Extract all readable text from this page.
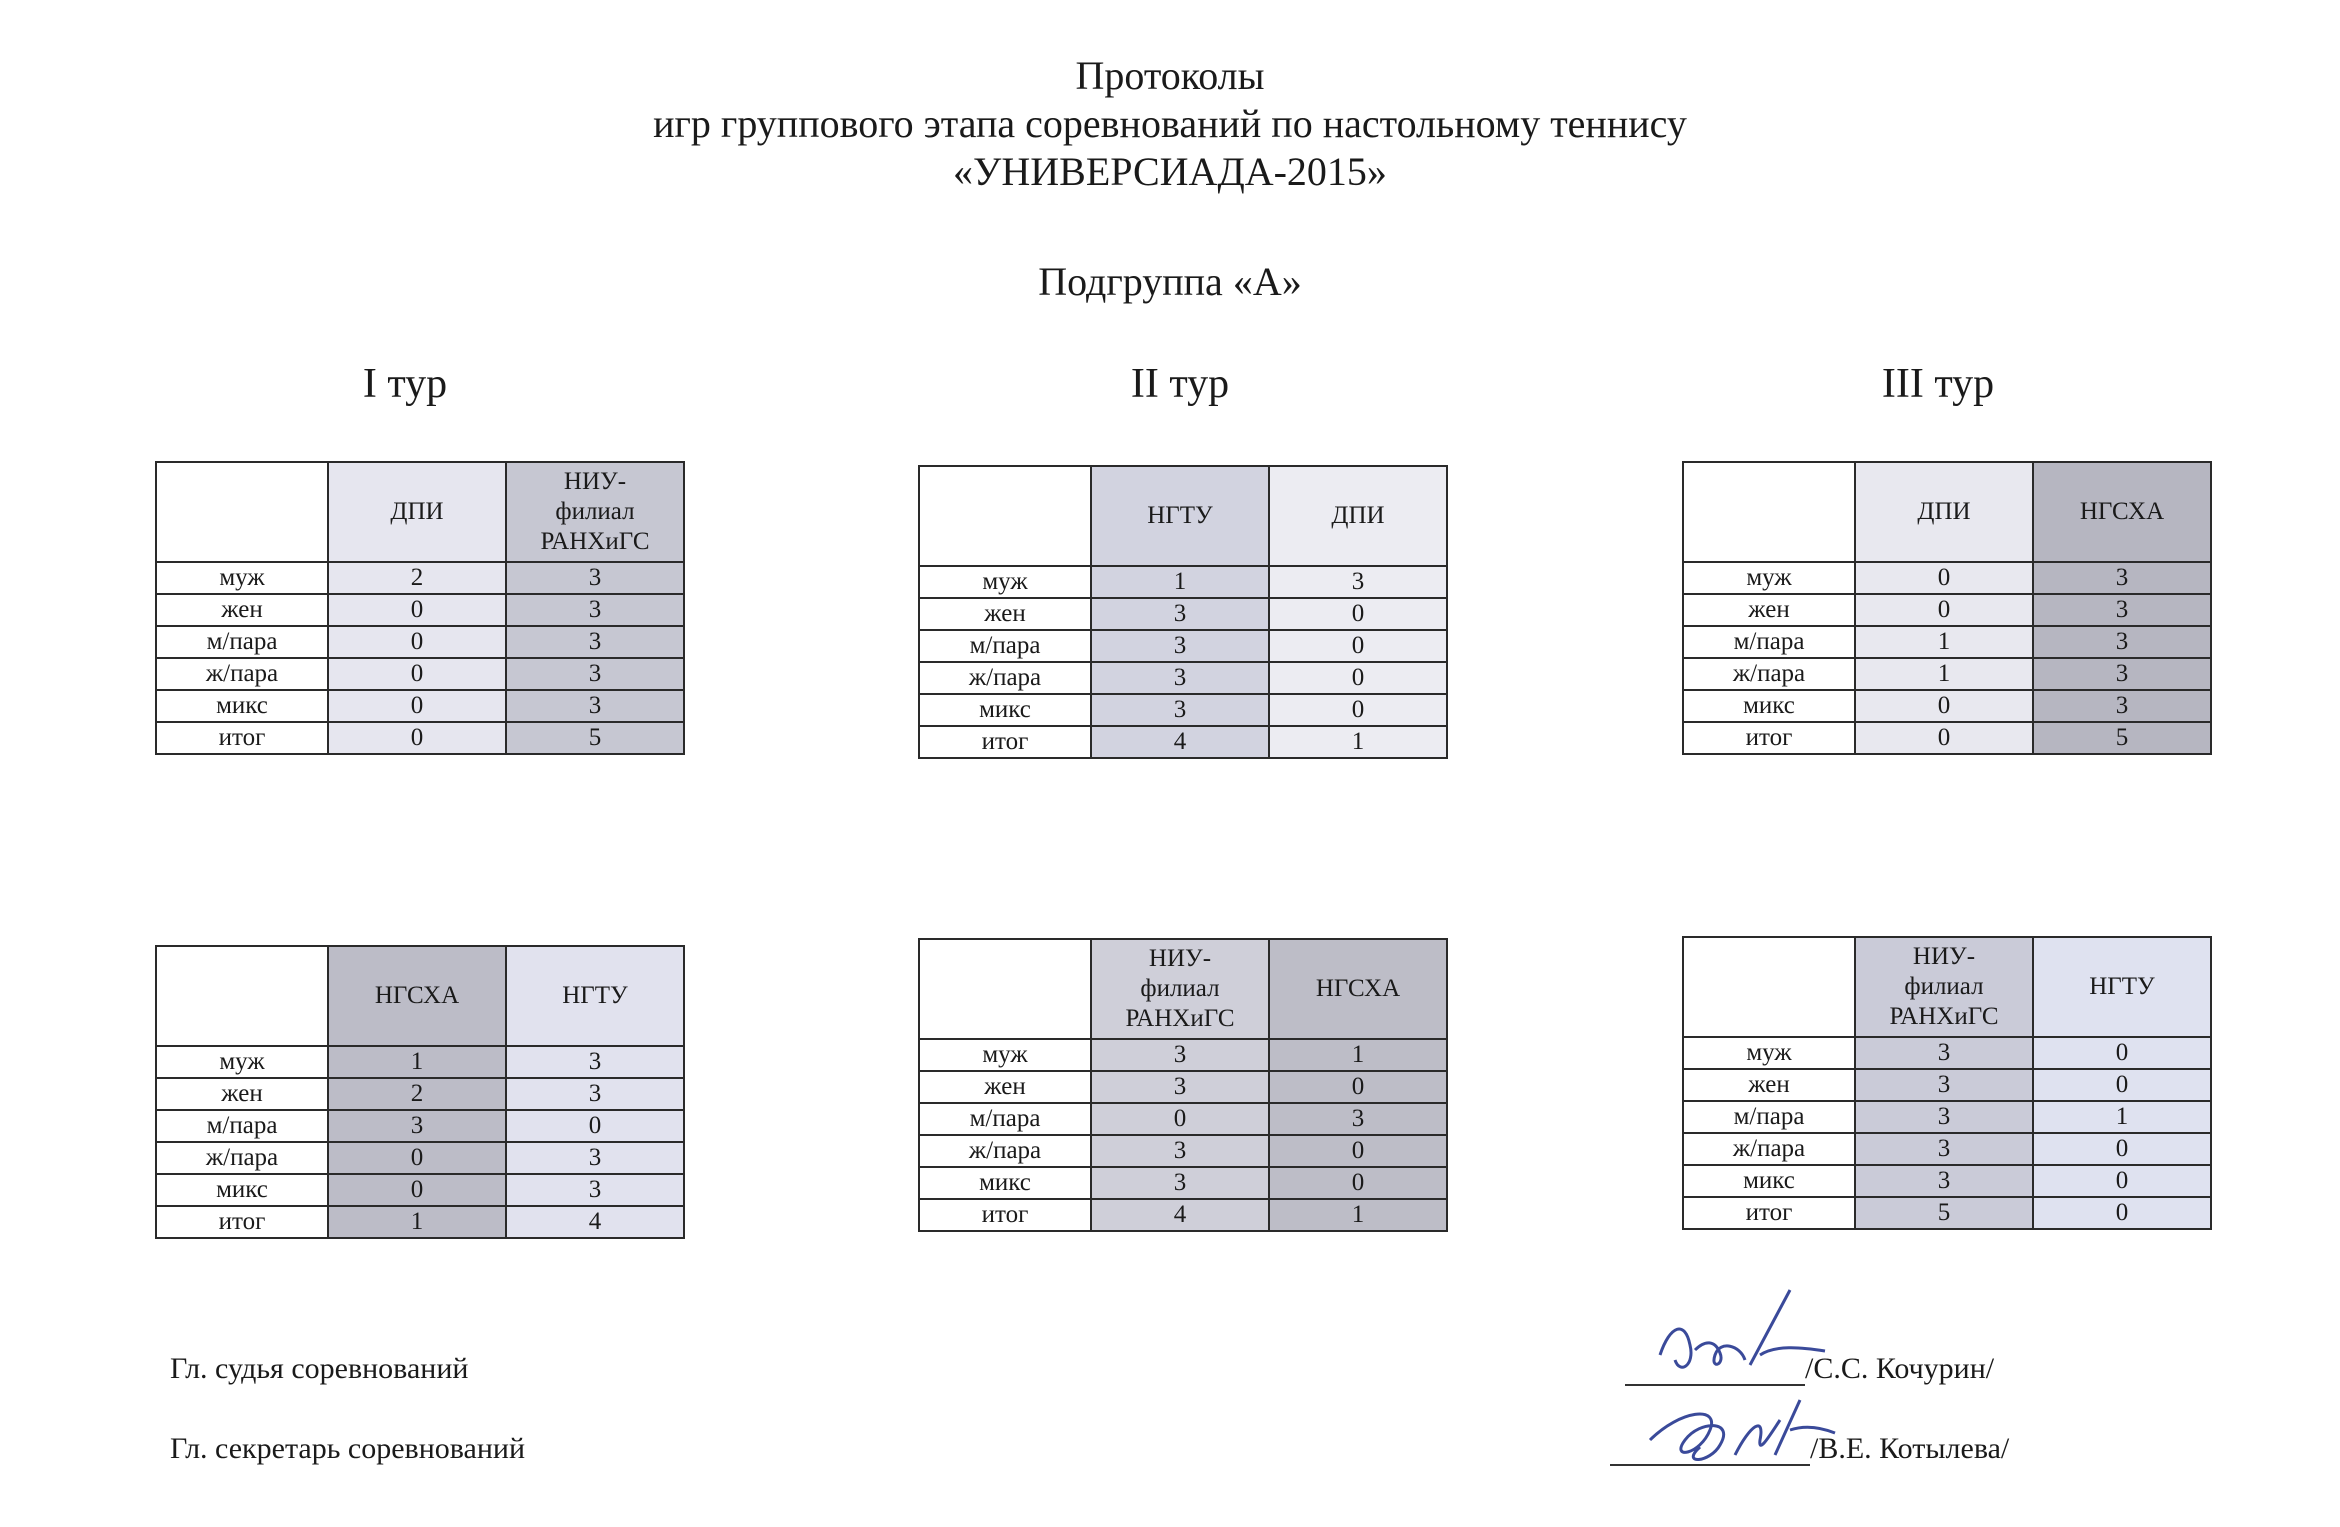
Протоколы
игр группового этапа соревнований по настольному теннису
«УНИВЕРСИАДА-2015»
Подгруппа «А»
I тур	II тур	III тур
	ДПИ	НИУ-
филиал
РАНХиГС
муж	2	3
жен	0	3
м/пара	0	3
ж/пара	0	3
микс	0	3
итог	0	5
	НГСХА	НГТУ
муж	1	3
жен	2	3
м/пара	3	0
ж/пара	0	3
микс	0	3
итог	1	4
	НГТУ	ДПИ
муж	1	3
жен	3	0
м/пара	3	0
ж/пара	3	0
микс	3	0
итог	4	1
	НИУ-
филиал
РАНХиГС	НГСХА
муж	3	1
жен	3	0
м/пара	0	3
ж/пара	3	0
микс	3	0
итог	4	1
	ДПИ	НГСХА
муж	0	3
жен	0	3
м/пара	1	3
ж/пара	1	3
микс	0	3
итог	0	5
	НИУ-
филиал
РАНХиГС	НГТУ
муж	3	0
жен	3	0
м/пара	3	1
ж/пара	3	0
микс	3	0
итог	5	0
Гл. судья соревнований
Гл. секретарь соревнований
/С.С. Кочурин/
/В.Е. Котылева/
